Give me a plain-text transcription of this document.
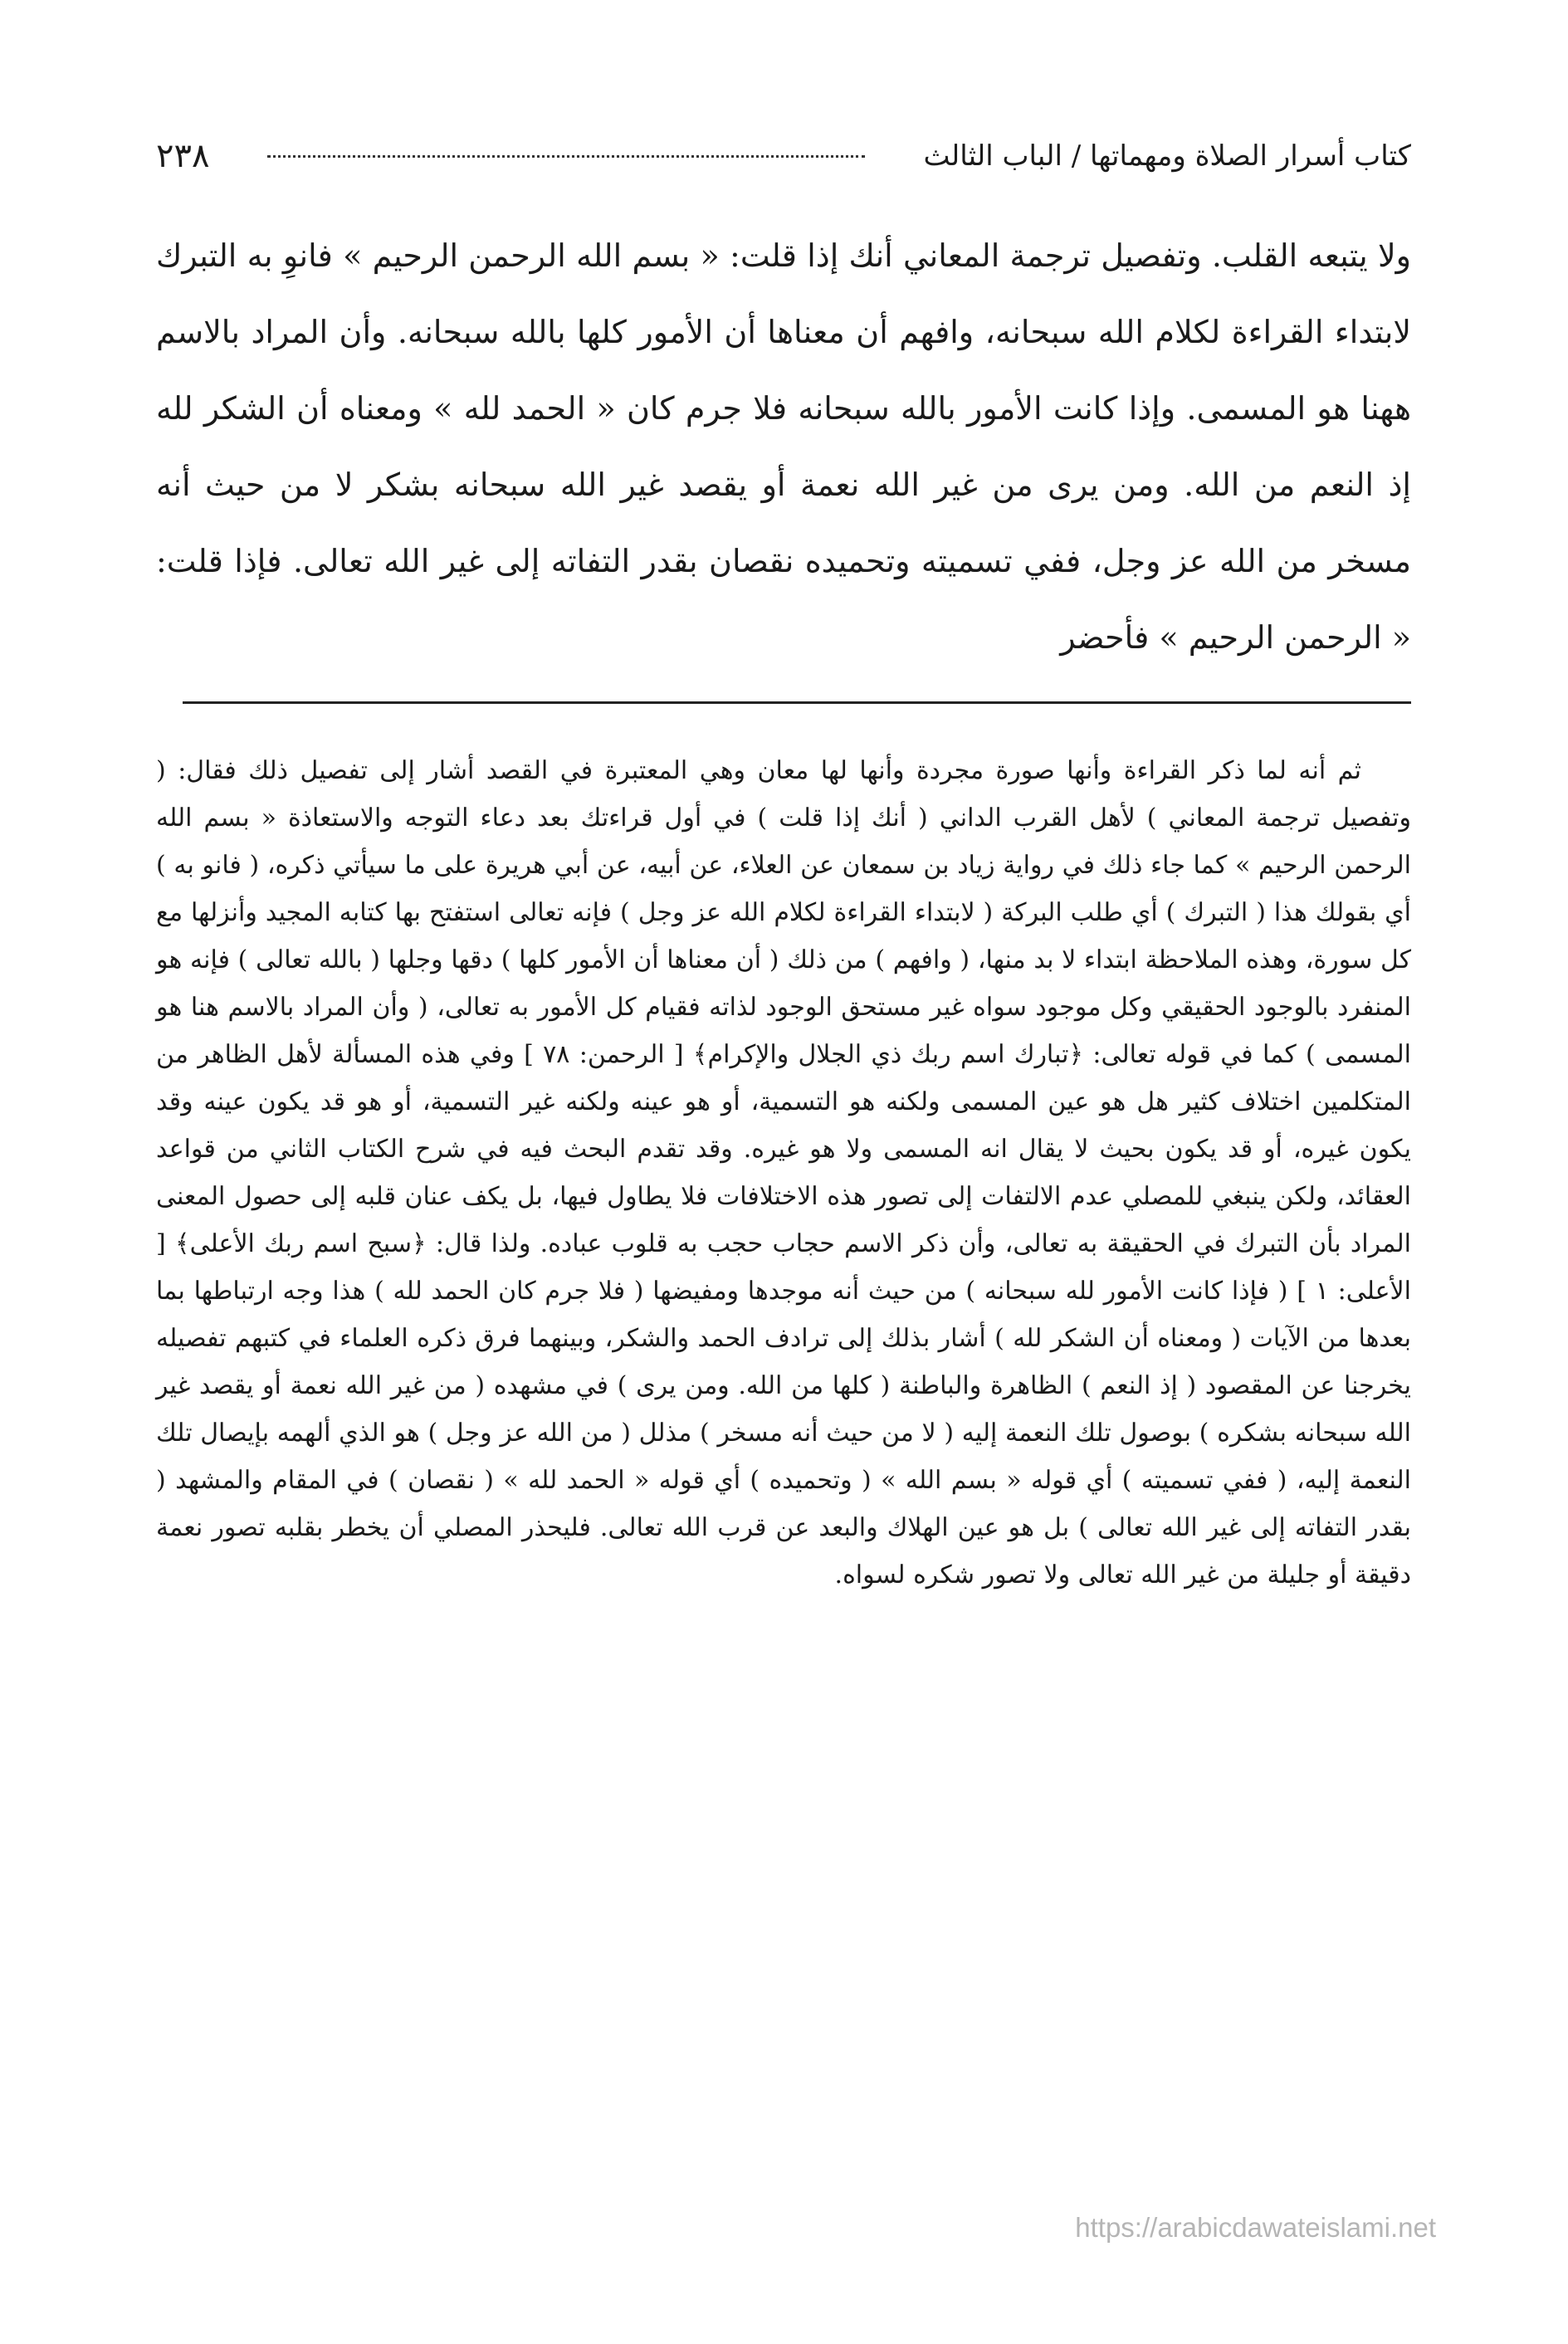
كتاب أسرار الصلاة ومهماتها / الباب الثالث
٢٣٨

ولا يتبعه القلب. وتفصيل ترجمة المعاني أنك إذا قلت: « بسم الله الرحمن الرحيم » فانوِ به التبرك لابتداء القراءة لكلام الله سبحانه، وافهم أن معناها أن الأمور كلها بالله سبحانه. وأن المراد بالاسم ههنا هو المسمى. وإذا كانت الأمور بالله سبحانه فلا جرم كان « الحمد لله » ومعناه أن الشكر لله إذ النعم من الله. ومن يرى من غير الله نعمة أو يقصد غير الله سبحانه بشكر لا من حيث أنه مسخر من الله عز وجل، ففي تسميته وتحميده نقصان بقدر التفاته إلى غير الله تعالى. فإذا قلت: « الرحمن الرحيم » فأحضر

ثم أنه لما ذكر القراءة وأنها صورة مجردة وأنها لها معان وهي المعتبرة في القصد أشار إلى تفصيل ذلك فقال: ( وتفصيل ترجمة المعاني ) لأهل القرب الداني ( أنك إذا قلت ) في أول قراءتك بعد دعاء التوجه والاستعاذة « بسم الله الرحمن الرحيم » كما جاء ذلك في رواية زياد بن سمعان عن العلاء، عن أبيه، عن أبي هريرة على ما سيأتي ذكره، ( فانو به ) أي بقولك هذا ( التبرك ) أي طلب البركة ( لابتداء القراءة لكلام الله عز وجل ) فإنه تعالى استفتح بها كتابه المجيد وأنزلها مع كل سورة، وهذه الملاحظة ابتداء لا بد منها، ( وافهم ) من ذلك ( أن معناها أن الأمور كلها ) دقها وجلها ( بالله تعالى ) فإنه هو المنفرد بالوجود الحقيقي وكل موجود سواه غير مستحق الوجود لذاته فقيام كل الأمور به تعالى، ( وأن المراد بالاسم هنا هو المسمى ) كما في قوله تعالى: ﴿تبارك اسم ربك ذي الجلال والإكرام﴾ [ الرحمن: ٧٨ ] وفي هذه المسألة لأهل الظاهر من المتكلمين اختلاف كثير هل هو عين المسمى ولكنه هو التسمية، أو هو عينه ولكنه غير التسمية، أو هو قد يكون عينه وقد يكون غيره، أو قد يكون بحيث لا يقال انه المسمى ولا هو غيره. وقد تقدم البحث فيه في شرح الكتاب الثاني من قواعد العقائد، ولكن ينبغي للمصلي عدم الالتفات إلى تصور هذه الاختلافات فلا يطاول فيها، بل يكف عنان قلبه إلى حصول المعنى المراد بأن التبرك في الحقيقة به تعالى، وأن ذكر الاسم حجاب حجب به قلوب عباده. ولذا قال: ﴿سبح اسم ربك الأعلى﴾ [ الأعلى: ١ ] ( فإذا كانت الأمور لله سبحانه ) من حيث أنه موجدها ومفيضها ( فلا جرم كان الحمد لله ) هذا وجه ارتباطها بما بعدها من الآيات ( ومعناه أن الشكر لله ) أشار بذلك إلى ترادف الحمد والشكر، وبينهما فرق ذكره العلماء في كتبهم تفصيله يخرجنا عن المقصود ( إذ النعم ) الظاهرة والباطنة ( كلها من الله. ومن يرى ) في مشهده ( من غير الله نعمة أو يقصد غير الله سبحانه بشكره ) بوصول تلك النعمة إليه ( لا من حيث أنه مسخر ) مذلل ( من الله عز وجل ) هو الذي ألهمه بإيصال تلك النعمة إليه، ( ففي تسميته ) أي قوله « بسم الله » ( وتحميده ) أي قوله « الحمد لله » ( نقصان ) في المقام والمشهد ( بقدر التفاته إلى غير الله تعالى ) بل هو عين الهلاك والبعد عن قرب الله تعالى. فليحذر المصلي أن يخطر بقلبه تصور نعمة دقيقة أو جليلة من غير الله تعالى ولا تصور شكره لسواه.

https://arabicdawateislami.net
